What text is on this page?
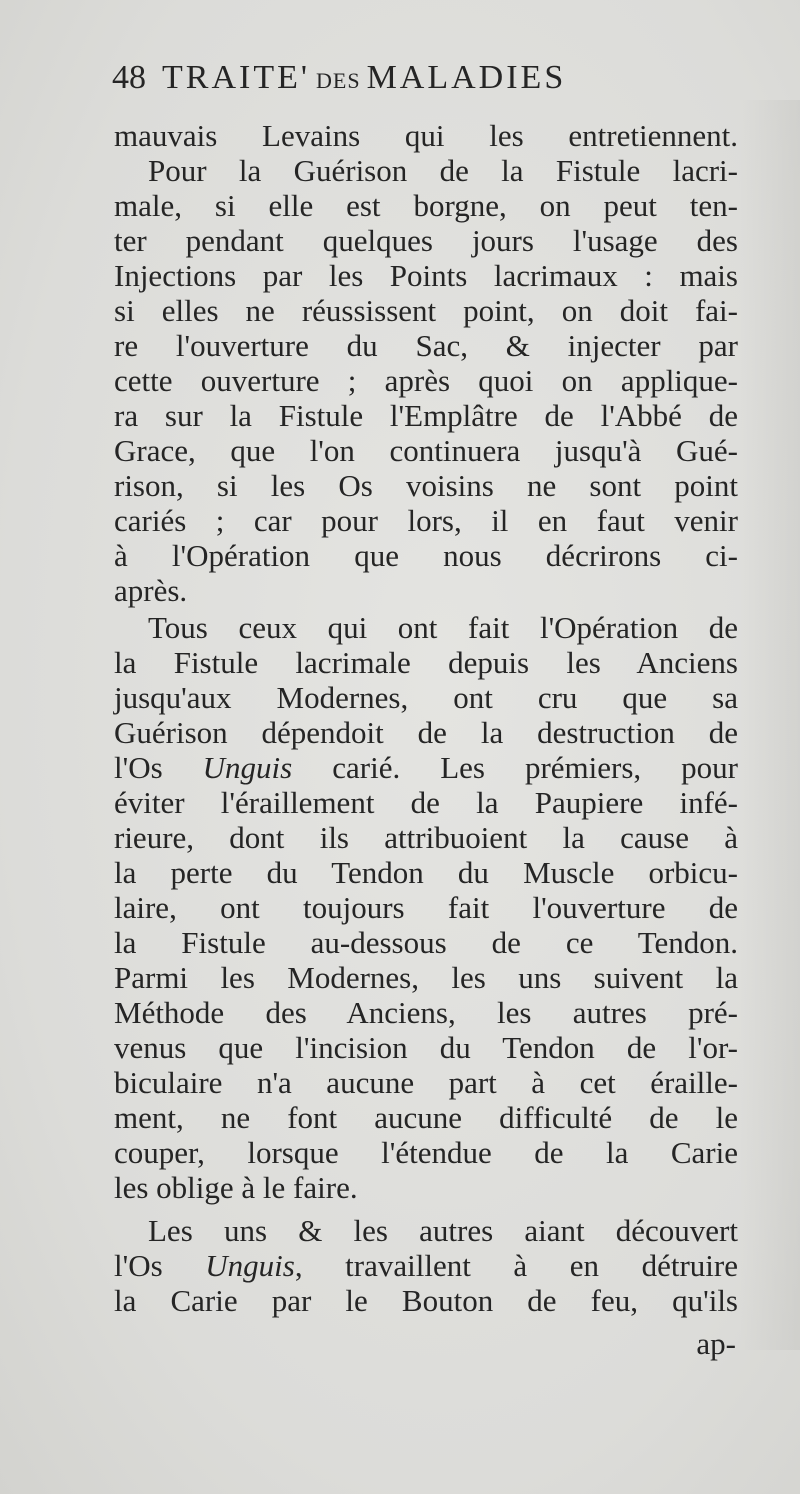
48 TRAITE' DES MALADIES
mauvais Levains qui les entretiennent.
Pour la Guérison de la Fistule lacri-
male, si elle est borgne, on peut ten-
ter pendant quelques jours l'usage des
Injections par les Points lacrimaux : mais
si elles ne réussissent point, on doit fai-
re l'ouverture du Sac, & injecter par
cette ouverture ; après quoi on applique-
ra sur la Fistule l'Emplâtre de l'Abbé de
Grace, que l'on continuera jusqu'à Gué-
rison, si les Os voisins ne sont point
cariés ; car pour lors, il en faut venir
à l'Opération que nous décrirons ci-
après.
Tous ceux qui ont fait l'Opération de
la Fistule lacrimale depuis les Anciens
jusqu'aux Modernes, ont cru que sa
Guérison dépendoit de la destruction de
l'Os Unguis carié. Les prémiers, pour
éviter l'éraillement de la Paupiere infé-
rieure, dont ils attribuoient la cause à
la perte du Tendon du Muscle orbicu-
laire, ont toujours fait l'ouverture de
la Fistule au-dessous de ce Tendon.
Parmi les Modernes, les uns suivent la
Méthode des Anciens, les autres pré-
venus que l'incision du Tendon de l'or-
biculaire n'a aucune part à cet éraille-
ment, ne font aucune difficulté de le
couper, lorsque l'étendue de la Carie
les oblige à le faire.
Les uns & les autres aiant découvert
l'Os Unguis, travaillent à en détruire
la Carie par le Bouton de feu, qu'ils
ap-
